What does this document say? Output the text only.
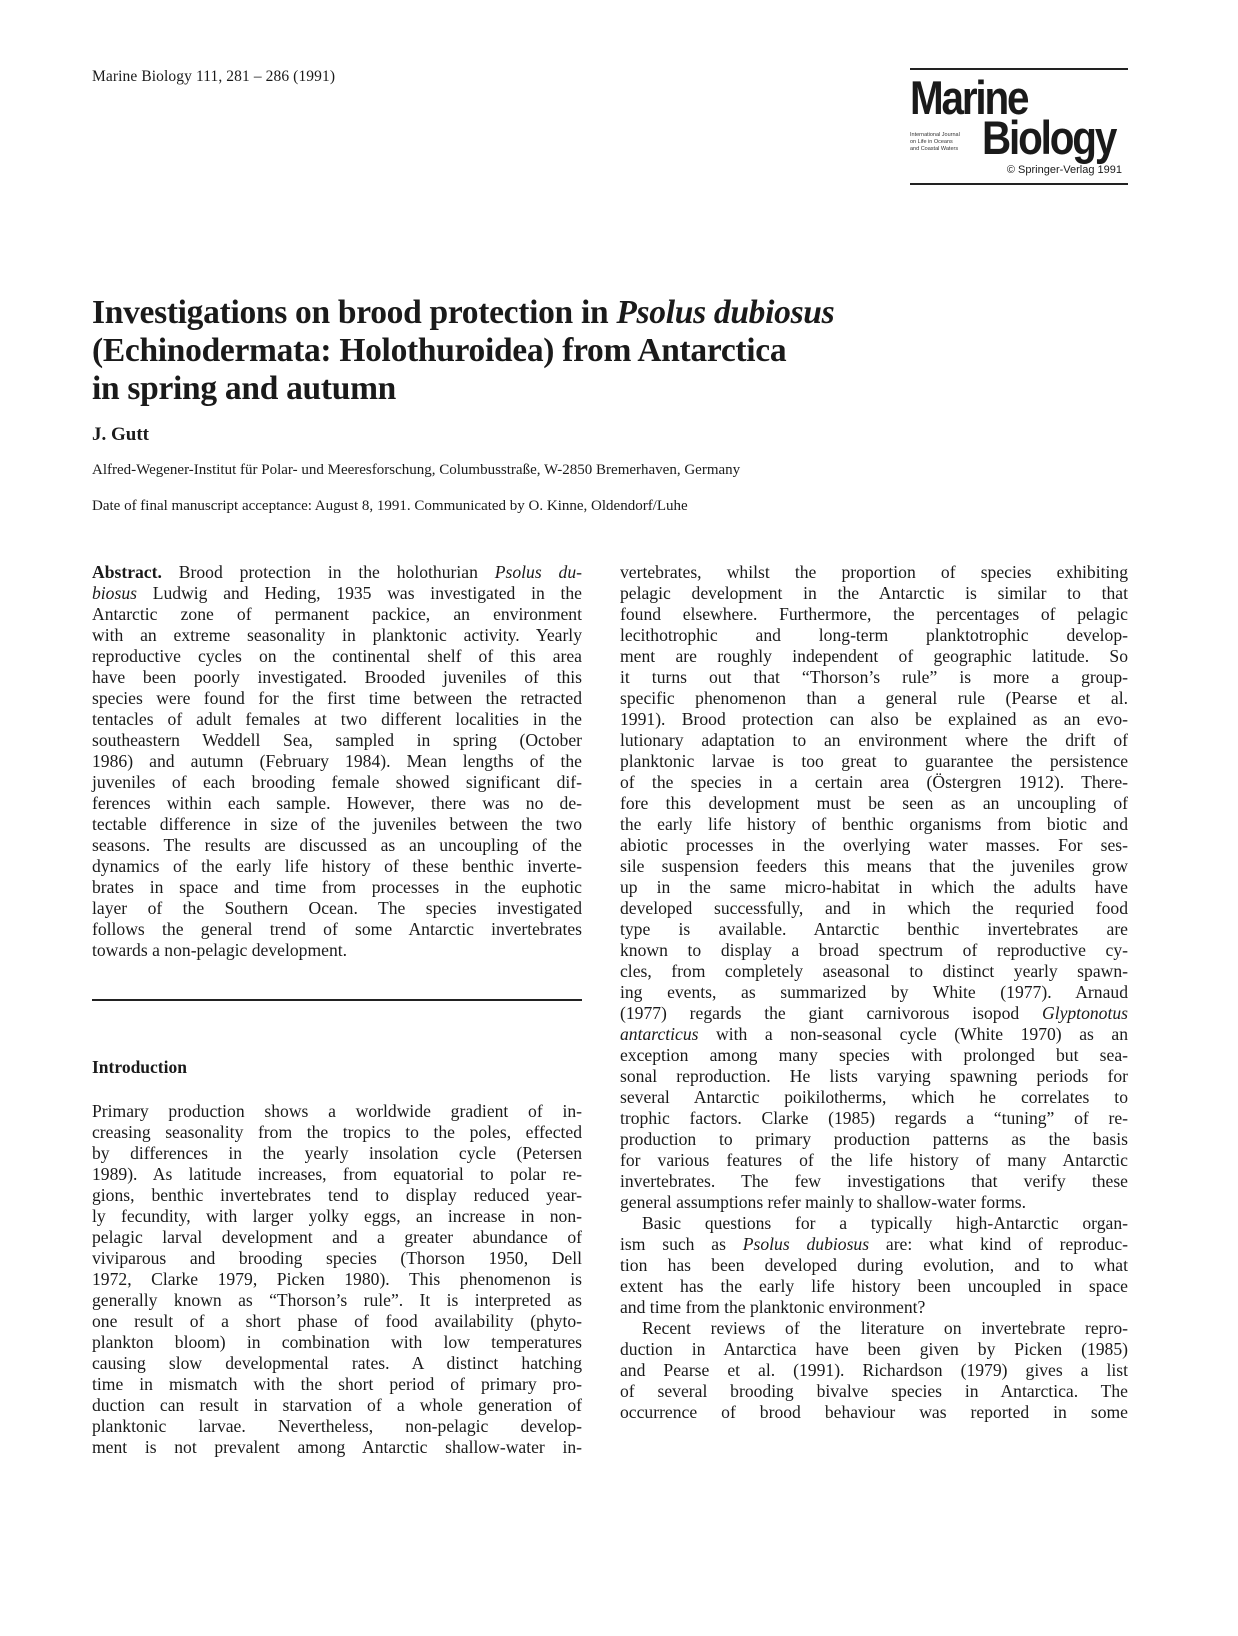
Marine Biology 111, 281 – 286 (1991)	Marine
International Journal
on Life in Oceans
and Coastal Waters Biology
© Springer-Verlag 1991
Investigations on brood protection in Psolus dubiosus
(Echinodermata: Holothuroidea) from Antarctica
in spring and autumn
J. Gutt
Alfred-Wegener-Institut für Polar- und Meeresforschung, Columbusstraße, W-2850 Bremerhaven, Germany
Date of final manuscript acceptance: August 8, 1991. Communicated by O. Kinne, Oldendorf/Luhe
Abstract. Brood protection in the holothurian Psolus du-
biosus Ludwig and Heding, 1935 was investigated in the
Antarctic zone of permanent packice, an environment
with an extreme seasonality in planktonic activity. Yearly
reproductive cycles on the continental shelf of this area
have been poorly investigated. Brooded juveniles of this
species were found for the first time between the retracted
tentacles of adult females at two different localities in the
southeastern Weddell Sea, sampled in spring (October
1986) and autumn (February 1984). Mean lengths of the
juveniles of each brooding female showed significant dif-
ferences within each sample. However, there was no de-
tectable difference in size of the juveniles between the two
seasons. The results are discussed as an uncoupling of the
dynamics of the early life history of these benthic inverte-
brates in space and time from processes in the euphotic
layer of the Southern Ocean. The species investigated
follows the general trend of some Antarctic invertebrates
towards a non-pelagic development.
Introduction
Primary production shows a worldwide gradient of in-
creasing seasonality from the tropics to the poles, effected
by differences in the yearly insolation cycle (Petersen
1989). As latitude increases, from equatorial to polar re-
gions, benthic invertebrates tend to display reduced year-
ly fecundity, with larger yolky eggs, an increase in non-
pelagic larval development and a greater abundance of
viviparous and brooding species (Thorson 1950, Dell
1972, Clarke 1979, Picken 1980). This phenomenon is
generally known as “Thorson’s rule”. It is interpreted as
one result of a short phase of food availability (phyto-
plankton bloom) in combination with low temperatures
causing slow developmental rates. A distinct hatching
time in mismatch with the short period of primary pro-
duction can result in starvation of a whole generation of
planktonic larvae. Nevertheless, non-pelagic develop-
ment is not prevalent among Antarctic shallow-water in-
vertebrates, whilst the proportion of species exhibiting
pelagic development in the Antarctic is similar to that
found elsewhere. Furthermore, the percentages of pelagic
lecithotrophic and long-term planktotrophic develop-
ment are roughly independent of geographic latitude. So
it turns out that “Thorson’s rule” is more a group-
specific phenomenon than a general rule (Pearse et al.
1991). Brood protection can also be explained as an evo-
lutionary adaptation to an environment where the drift of
planktonic larvae is too great to guarantee the persistence
of the species in a certain area (Östergren 1912). There-
fore this development must be seen as an uncoupling of
the early life history of benthic organisms from biotic and
abiotic processes in the overlying water masses. For ses-
sile suspension feeders this means that the juveniles grow
up in the same micro-habitat in which the adults have
developed successfully, and in which the requried food
type is available. Antarctic benthic invertebrates are
known to display a broad spectrum of reproductive cy-
cles, from completely aseasonal to distinct yearly spawn-
ing events, as summarized by White (1977). Arnaud
(1977) regards the giant carnivorous isopod Glyptonotus
antarcticus with a non-seasonal cycle (White 1970) as an
exception among many species with prolonged but sea-
sonal reproduction. He lists varying spawning periods for
several Antarctic poikilotherms, which he correlates to
trophic factors. Clarke (1985) regards a “tuning” of re-
production to primary production patterns as the basis
for various features of the life history of many Antarctic
invertebrates. The few investigations that verify these
general assumptions refer mainly to shallow-water forms.
Basic questions for a typically high-Antarctic organ-
ism such as Psolus dubiosus are: what kind of reproduc-
tion has been developed during evolution, and to what
extent has the early life history been uncoupled in space
and time from the planktonic environment?
Recent reviews of the literature on invertebrate repro-
duction in Antarctica have been given by Picken (1985)
and Pearse et al. (1991). Richardson (1979) gives a list
of several brooding bivalve species in Antarctica. The
occurrence of brood behaviour was reported in some
